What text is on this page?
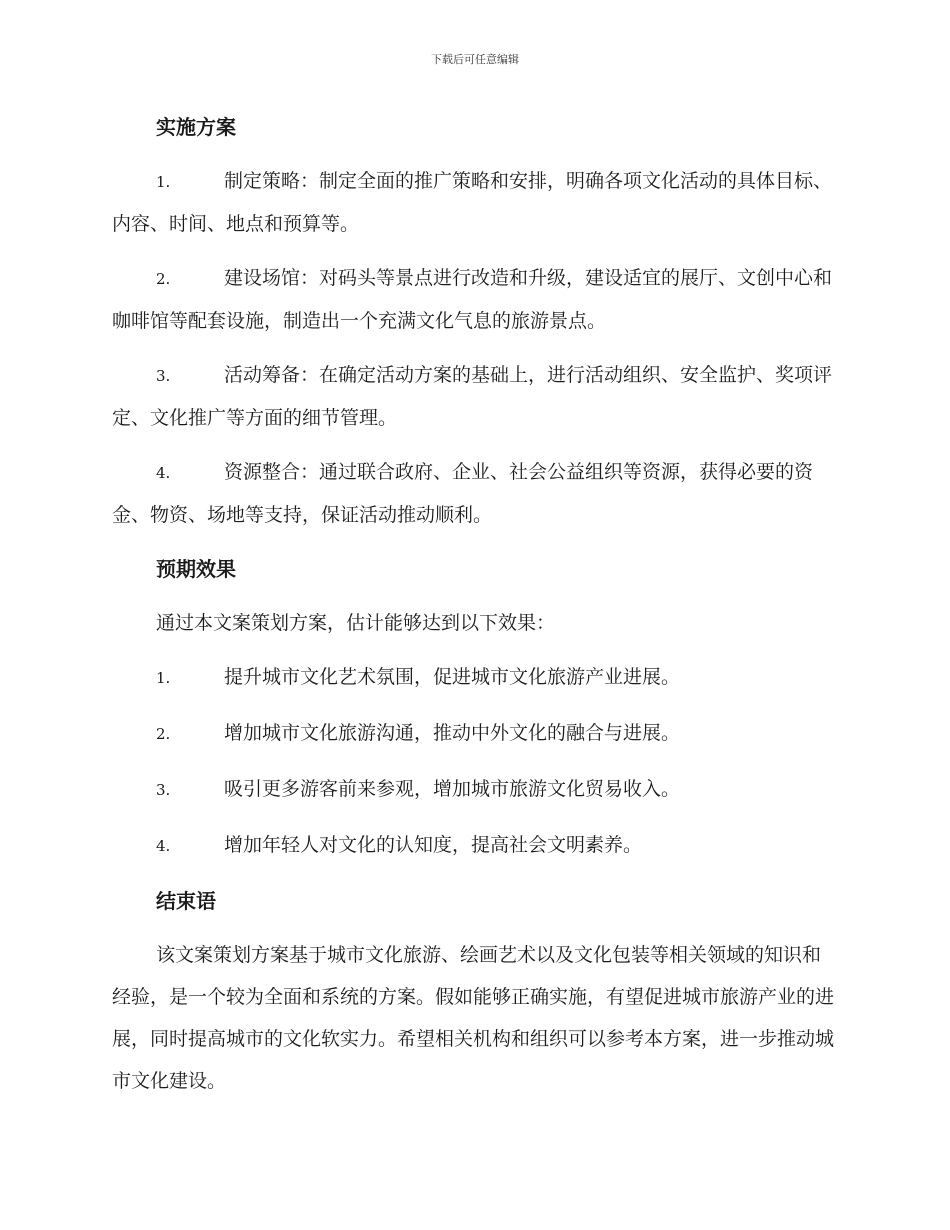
下载后可任意编辑
实施方案
1.	制定策略：制定全面的推广策略和安排，明确各项文化活动的具体目标、内容、时间、地点和预算等。
2.	建设场馆：对码头等景点进行改造和升级，建设适宜的展厅、文创中心和咖啡馆等配套设施，制造出一个充满文化气息的旅游景点。
3.	活动筹备：在确定活动方案的基础上，进行活动组织、安全监护、奖项评定、文化推广等方面的细节管理。
4.	资源整合：通过联合政府、企业、社会公益组织等资源，获得必要的资金、物资、场地等支持，保证活动推动顺利。
预期效果
通过本文案策划方案，估计能够达到以下效果：
1.	提升城市文化艺术氛围，促进城市文化旅游产业进展。
2.	增加城市文化旅游沟通，推动中外文化的融合与进展。
3.	吸引更多游客前来参观，增加城市旅游文化贸易收入。
4.	增加年轻人对文化的认知度，提高社会文明素养。
结束语
该文案策划方案基于城市文化旅游、绘画艺术以及文化包装等相关领域的知识和经验，是一个较为全面和系统的方案。假如能够正确实施，有望促进城市旅游产业的进展，同时提高城市的文化软实力。希望相关机构和组织可以参考本方案，进一步推动城市文化建设。
